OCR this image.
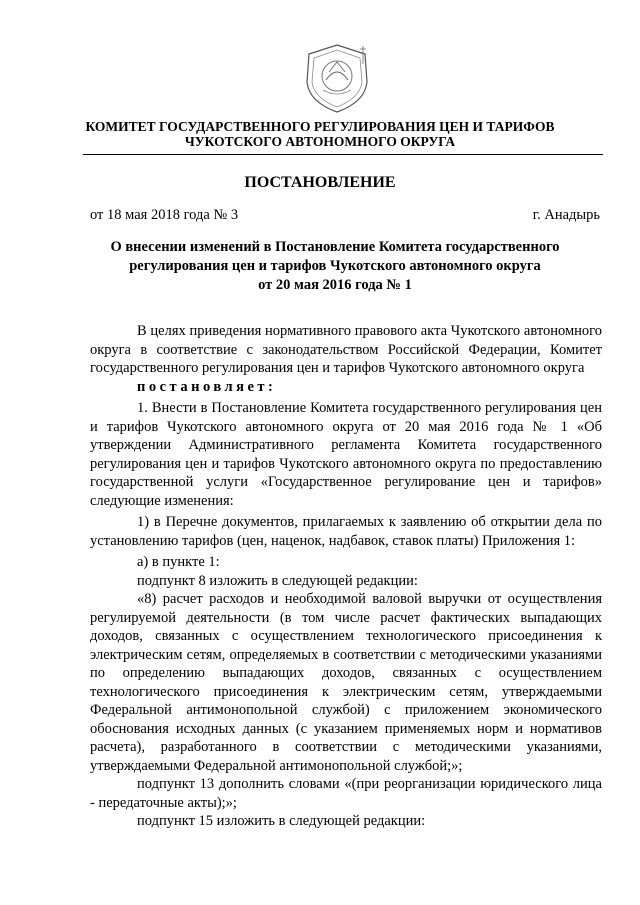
КОМИТЕТ ГОСУДАРСТВЕННОГО РЕГУЛИРОВАНИЯ ЦЕН И ТАРИФОВ
ЧУКОТСКОГО АВТОНОМНОГО ОКРУГА
ПОСТАНОВЛЕНИЕ
от 18 мая 2018 года № 3	г. Анадырь
О внесении изменений в Постановление Комитета государственного
регулирования цен и тарифов Чукотского автономного округа
от 20 мая 2016 года № 1

В целях приведения нормативного правового акта Чукотского автономного округа в соответствие с законодательством Российской Федерации, Комитет государственного регулирования цен и тарифов Чукотского автономного округа

постановляет:

1. Внести в Постановление Комитета государственного регулирования цен и тарифов Чукотского автономного округа от 20 мая 2016 года № 1 «Об утверждении Административного регламента Комитета государственного регулирования цен и тарифов Чукотского автономного округа по предоставлению государственной услуги «Государственное регулирование цен и тарифов» следующие изменения:

1) в Перечне документов, прилагаемых к заявлению об открытии дела по установлению тарифов (цен, наценок, надбавок, ставок платы) Приложения 1:

а) в пункте 1:

подпункт 8 изложить в следующей редакции:

«8) расчет расходов и необходимой валовой выручки от осуществления регулируемой деятельности (в том числе расчет фактических выпадающих доходов, связанных с осуществлением технологического присоединения к электрическим сетям, определяемых в соответствии с методическими указаниями по определению выпадающих доходов, связанных с осуществлением технологического присоединения к электрическим сетям, утверждаемыми Федеральной антимонопольной службой) с приложением экономического обоснования исходных данных (с указанием применяемых норм и нормативов расчета), разработанного в соответствии с методическими указаниями, утверждаемыми Федеральной антимонопольной службой;»;

подпункт 13 дополнить словами «(при реорганизации юридического лица - передаточные акты);»;

подпункт 15 изложить в следующей редакции:
